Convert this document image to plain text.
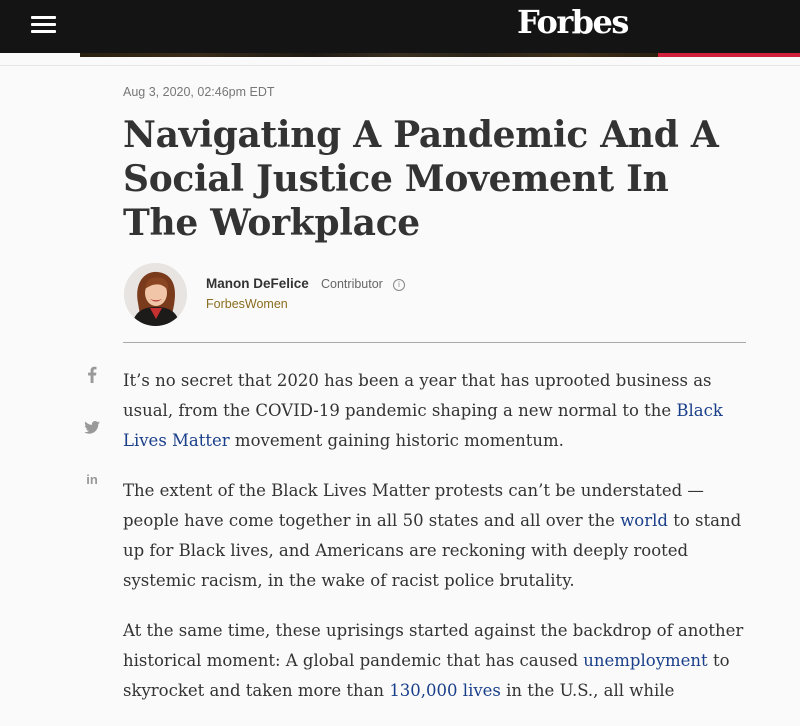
Forbes
Aug 3, 2020, 02:46pm EDT
Navigating A Pandemic And A Social Justice Movement In The Workplace
Manon DeFelice Contributor	i
ForbesWomen
in

It’s no secret that 2020 has been a year that has uprooted business as usual, from the COVID-19 pandemic shaping a new normal to the Black Lives Matter movement gaining historic momentum.

The extent of the Black Lives Matter protests can’t be understated — people have come together in all 50 states and all over the world to stand up for Black lives, and Americans are reckoning with deeply rooted systemic racism, in the wake of racist police brutality.

At the same time, these uprisings started against the backdrop of another historical moment: A global pandemic that has caused unemployment to skyrocket and taken more than 130,000 lives in the U.S., all while
